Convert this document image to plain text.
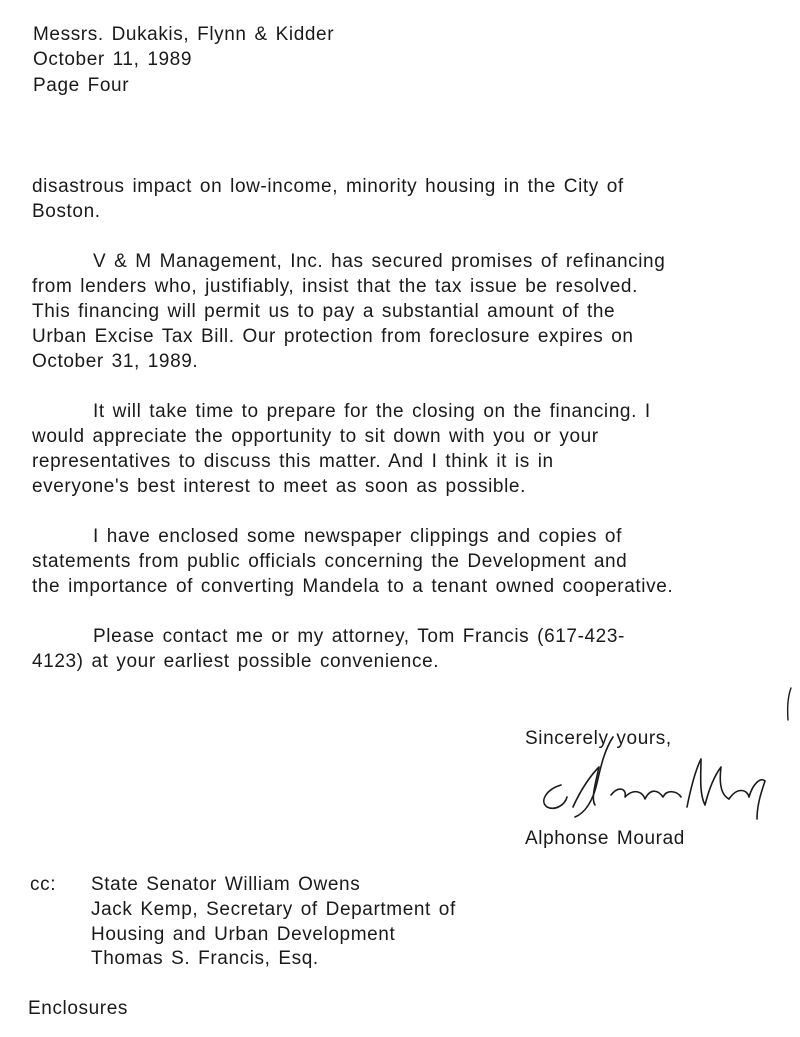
Messrs. Dukakis, Flynn & Kidder
October 11, 1989
Page Four
disastrous impact on low-income, minority housing in the City of
Boston.
V & M Management, Inc. has secured promises of refinancing
from lenders who, justifiably, insist that the tax issue be resolved.
This financing will permit us to pay a substantial amount of the
Urban Excise Tax Bill. Our protection from foreclosure expires on
October 31, 1989.
It will take time to prepare for the closing on the financing. I
would appreciate the opportunity to sit down with you or your
representatives to discuss this matter. And I think it is in
everyone's best interest to meet as soon as possible.
I have enclosed some newspaper clippings and copies of
statements from public officials concerning the Development and
the importance of converting Mandela to a tenant owned cooperative.
Please contact me or my attorney, Tom Francis (617-423-
4123) at your earliest possible convenience.
Sincerely yours,
Alphonse Mourad
cc: State Senator William Owens
Jack Kemp, Secretary of Department of
Housing and Urban Development
Thomas S. Francis, Esq.
Enclosures
